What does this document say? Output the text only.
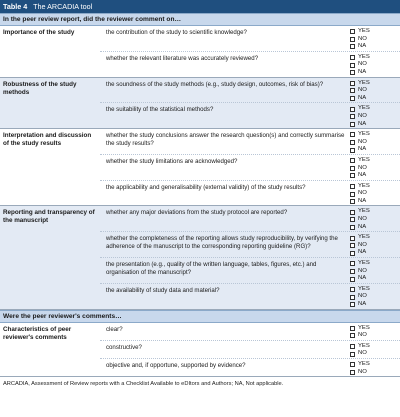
Table 4 The ARCADIA tool
In the peer review report, did the reviewer comment on…
Importance of the study	the contribution of the study to scientific knowledge?	YES
NO
NA
whether the relevant literature was accurately reviewed?	YES
NO
NA
Robustness of the study methods
the soundness of the study methods (e.g., study design, outcomes, risk of bias)?	YES
NO
NA
the suitability of the statistical methods?	YES
NO
NA
Interpretation and discussion of the study results
whether the study conclusions answer the research question(s) and correctly summarise the study results?
YES
NO
NA
whether the study limitations are acknowledged?	YES
NO
NA
the applicability and generalisability (external validity) of the study results?	YES
NO
NA
Reporting and transparency of the manuscript
whether any major deviations from the study protocol are reported?	YES
NO
NA
whether the completeness of the reporting allows study reproducibility, by verifying the adherence of the manuscript to the corresponding reporting guideline (RG)?
YES
NO
NA
the presentation (e.g., quality of the written language, tables, figures, etc.) and organisation of the manuscript?
YES
NO
NA
the availability of study data and material?	YES
NO
NA
Were the peer reviewer's comments…
Characteristics of peer reviewer's comments
clear?	YES
NO
constructive?	YES
NO
objective and, if opportune, supported by evidence?	YES
NO
ARCADIA, Assessment of Review reports with a Checklist Available to eDItors and Authors; NA, Not applicable.
